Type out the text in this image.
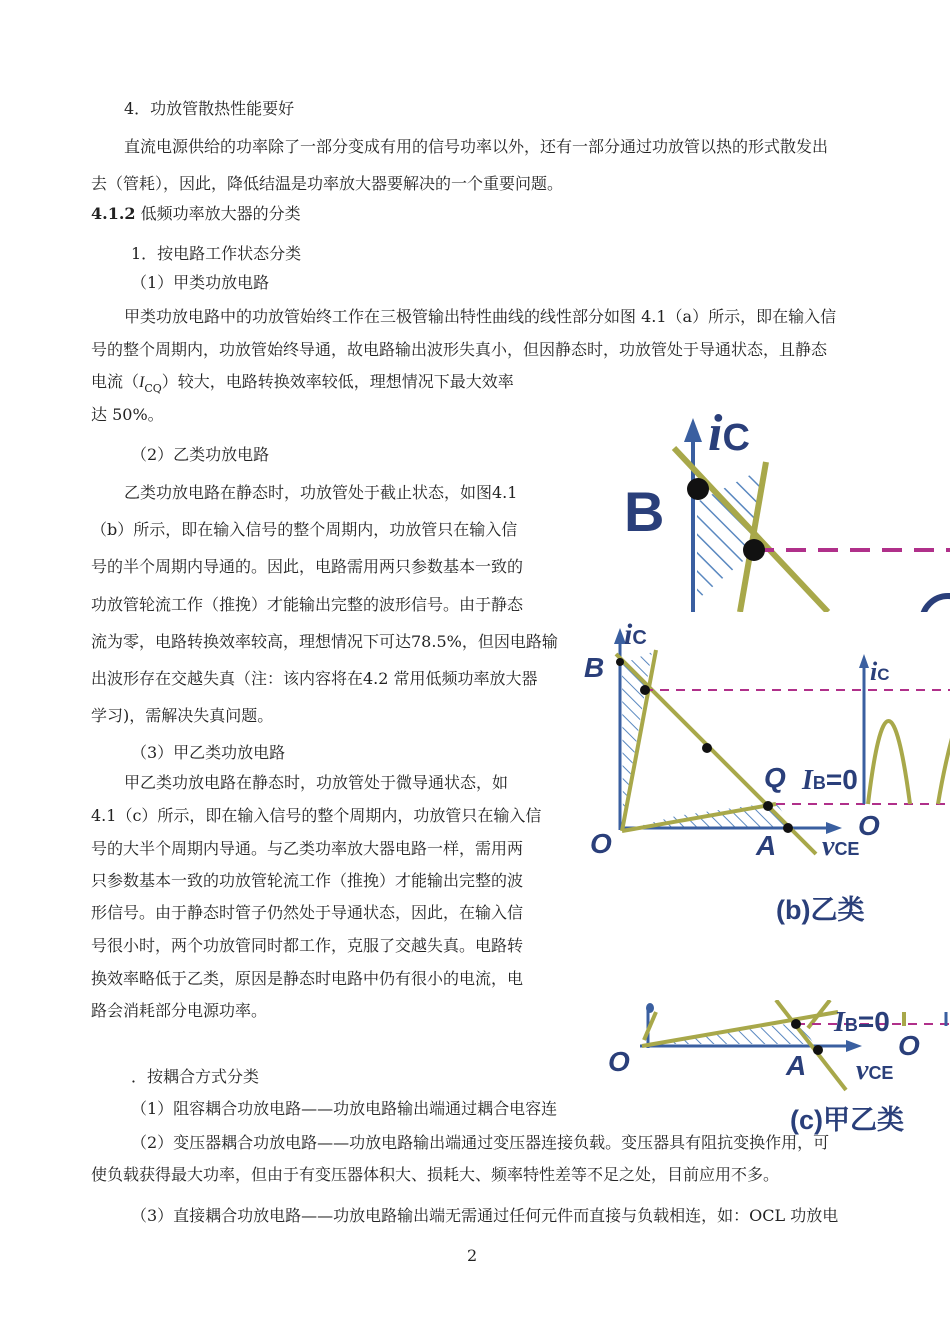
4．功放管散热性能要好
直流电源供给的功率除了一部分变成有用的信号功率以外，还有一部分通过功放管以热的形式散发出
去（管耗），因此，降低结温是功率放大器要解决的一个重要问题。
4.1.2 低频功率放大器的分类
1．按电路工作状态分类
（1）甲类功放电路
甲类功放电路中的功放管始终工作在三极管输出特性曲线的线性部分如图 4.1（a）所示，即在输入信
号的整个周期内，功放管始终导通，故电路输出波形失真小，但因静态时，功放管处于导通状态，且静态
电流$(I_{CQ})$较大，电路转换效率较低，理想情况下最大效率
达 50%。
（2）乙类功放电路
乙类功放电路在静态时，功放管处于截止状态，如图4.1
（b）所示，即在输入信号的整个周期内，功放管只在输入信
号的半个周期内导通的。因此，电路需用两只参数基本一致的
功放管轮流工作（推挽）才能输出完整的波形信号。由于静态
流为零，电路转换效率较高，理想情况下可达78.5%，但因电路输
出波形存在交越失真（注：该内容将在4.2 常用低频功率放大器
学习)，需解决失真问题。
（3）甲乙类功放电路
甲乙类功放电路在静态时，功放管处于微导通状态，如
4.1（c）所示，即在输入信号的整个周期内，功放管只在输入信
号的大半个周期内导通。与乙类功率放大器电路一样，需用两
只参数基本一致的功放管轮流工作（推挽）才能输出完整的波
形信号。由于静态时管子仍然处于导通状态，因此，在输入信
号很小时，两个功放管同时都工作，克服了交越失真。电路转
换效率略低于乙类，原因是静态时电路中仍有很小的电流，电
路会消耗部分电源功率。
．按耦合方式分类
（1）阻容耦合功放电路——功放电路输出端通过耦合电容连
（2）变压器耦合功放电路——功放电路输出端通过变压器连接负载。变压器具有阻抗变换作用，可
使负载获得最大功率，但由于有变压器体积大、损耗大、频率特性差等不足之处，目前应用不多。
（3）直接耦合功放电路——功放电路输出端无需通过任何元件而直接与负载相连，如：OCL 功放电
2
iC
B
iC
B
Q IB=0
O	A vCE
O
iC
(b)乙类
IB=0
O	A vCE
O
(c)甲乙类
